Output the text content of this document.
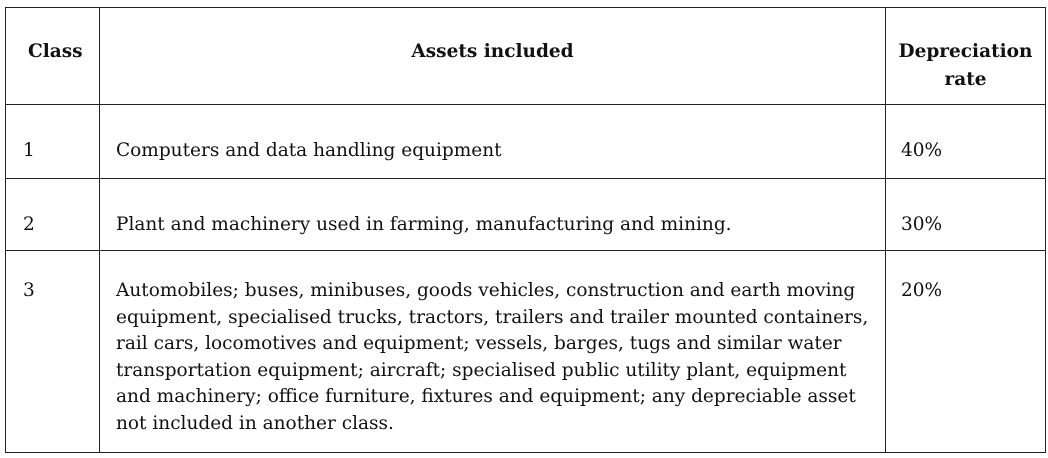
Class	Assets included	Depreciation rate
1	Computers and data handling equipment	40%
2	Plant and machinery used in farming, manufacturing and mining.	30%
3	Automobiles; buses, minibuses, goods vehicles, construction and earth moving equipment, specialised trucks, tractors, trailers and trailer mounted containers, rail cars, locomotives and equipment; vessels, barges, tugs and similar water transportation equipment; aircraft; specialised public utility plant, equipment and machinery; office furniture, fixtures and equipment; any depreciable asset not included in another class.	20%
